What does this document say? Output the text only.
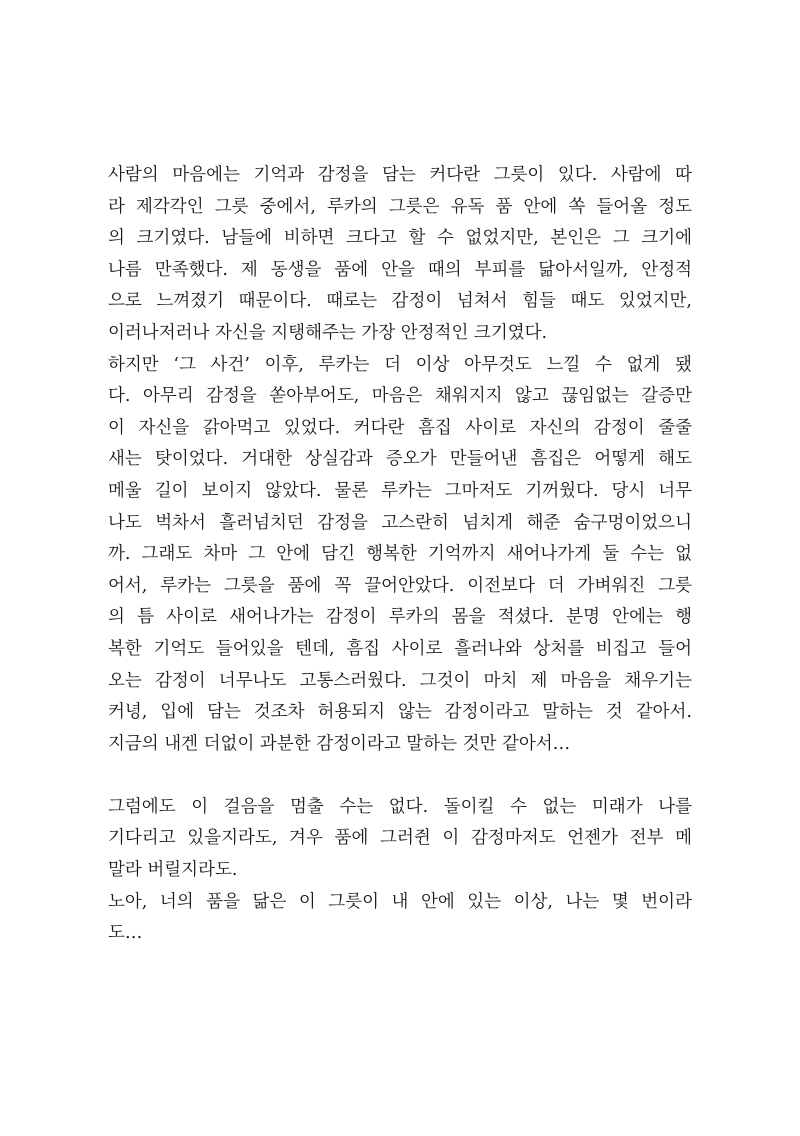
사람의 마음에는 기억과 감정을 담는 커다란 그릇이 있다. 사람에 따
라 제각각인 그릇 중에서, 루카의 그릇은 유독 품 안에 쏙 들어올 정도
의 크기였다. 남들에 비하면 크다고 할 수 없었지만, 본인은 그 크기에
나름 만족했다. 제 동생을 품에 안을 때의 부피를 닮아서일까, 안정적
으로 느껴졌기 때문이다. 때로는 감정이 넘쳐서 힘들 때도 있었지만,
이러나저러나 자신을 지탱해주는 가장 안정적인 크기였다.
하지만 ‘그 사건’ 이후, 루카는 더 이상 아무것도 느낄 수 없게 됐
다. 아무리 감정을 쏟아부어도, 마음은 채워지지 않고 끊임없는 갈증만
이 자신을 갉아먹고 있었다. 커다란 흠집 사이로 자신의 감정이 줄줄
새는 탓이었다. 거대한 상실감과 증오가 만들어낸 흠집은 어떻게 해도
메울 길이 보이지 않았다. 물론 루카는 그마저도 기꺼웠다. 당시 너무
나도 벅차서 흘러넘치던 감정을 고스란히 넘치게 해준 숨구멍이었으니
까. 그래도 차마 그 안에 담긴 행복한 기억까지 새어나가게 둘 수는 없
어서, 루카는 그릇을 품에 꼭 끌어안았다. 이전보다 더 가벼워진 그릇
의 틈 사이로 새어나가는 감정이 루카의 몸을 적셨다. 분명 안에는 행
복한 기억도 들어있을 텐데, 흠집 사이로 흘러나와 상처를 비집고 들어
오는 감정이 너무나도 고통스러웠다. 그것이 마치 제 마음을 채우기는
커녕, 입에 담는 것조차 허용되지 않는 감정이라고 말하는 것 같아서.
지금의 내겐 더없이 과분한 감정이라고 말하는 것만 같아서…
그럼에도 이 걸음을 멈출 수는 없다. 돌이킬 수 없는 미래가 나를
기다리고 있을지라도, 겨우 품에 그러쥔 이 감정마저도 언젠가 전부 메
말라 버릴지라도.
노아, 너의 품을 닮은 이 그릇이 내 안에 있는 이상, 나는 몇 번이라
도…
